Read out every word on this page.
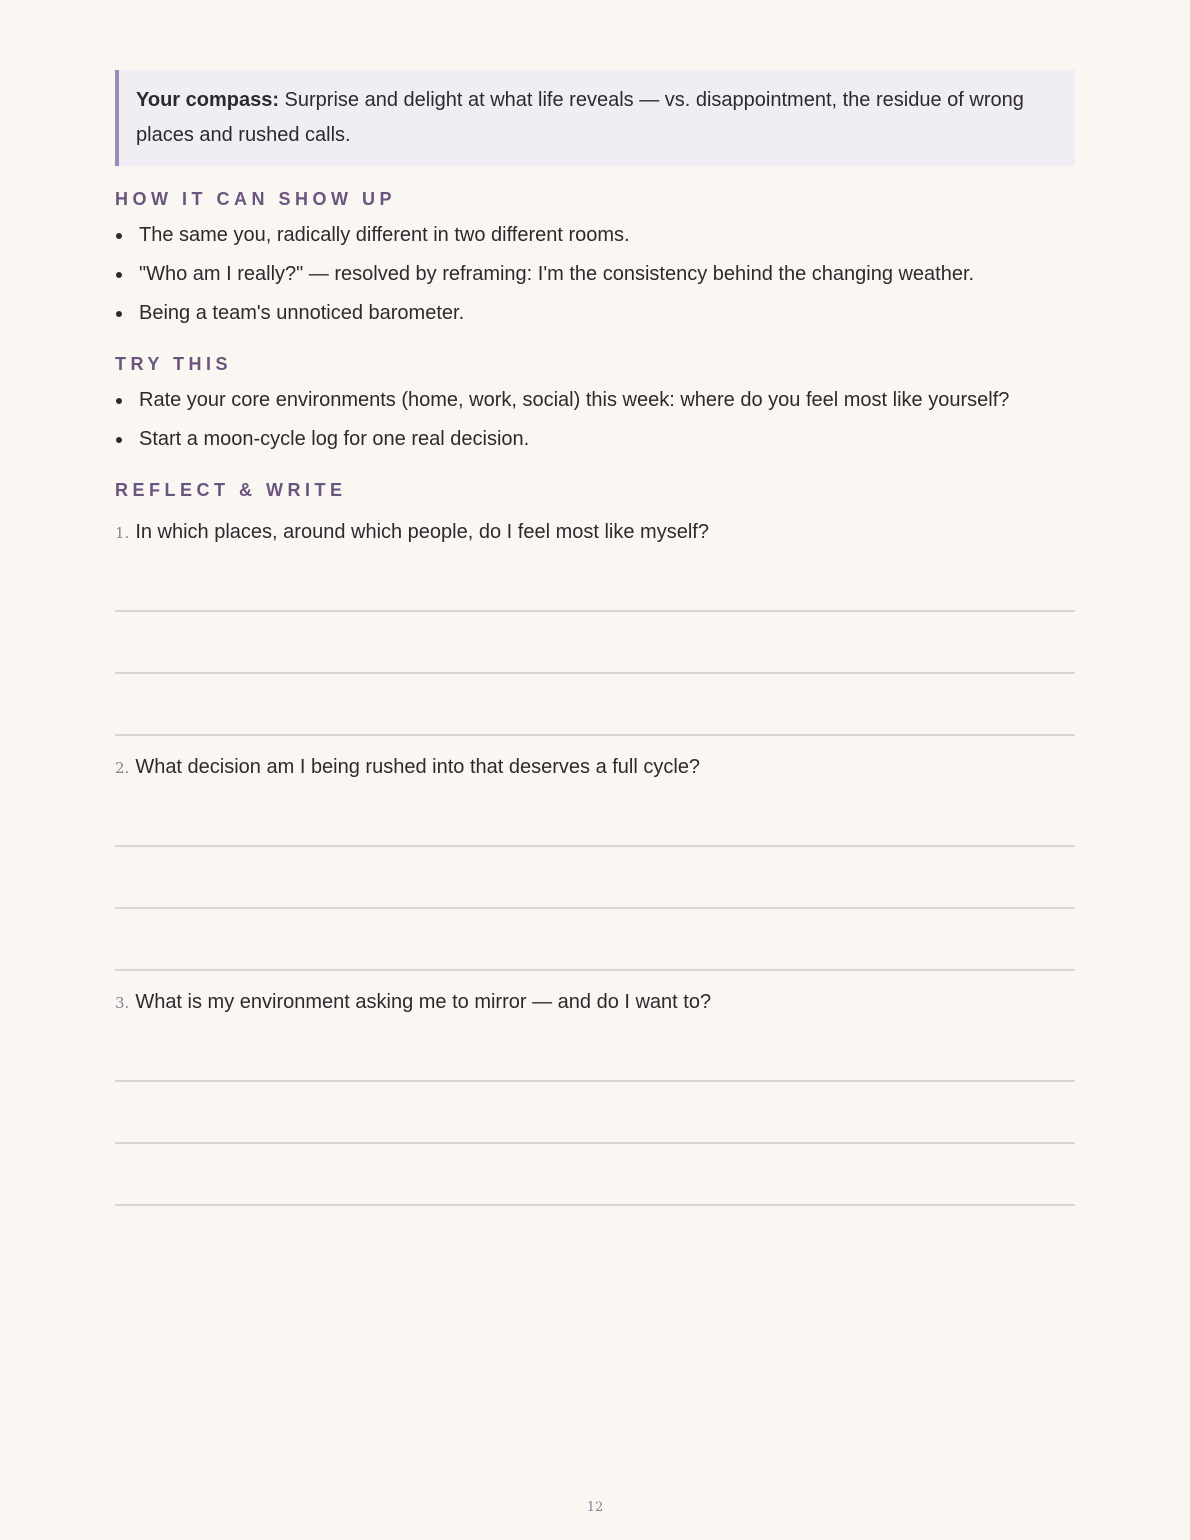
Your compass: Surprise and delight at what life reveals — vs. disappointment, the residue of wrong places and rushed calls.
HOW IT CAN SHOW UP
The same you, radically different in two different rooms.
"Who am I really?" — resolved by reframing: I'm the consistency behind the changing weather.
Being a team's unnoticed barometer.
TRY THIS
Rate your core environments (home, work, social) this week: where do you feel most like yourself?
Start a moon-cycle log for one real decision.
REFLECT & WRITE
1. In which places, around which people, do I feel most like myself?
2. What decision am I being rushed into that deserves a full cycle?
3. What is my environment asking me to mirror — and do I want to?
12
